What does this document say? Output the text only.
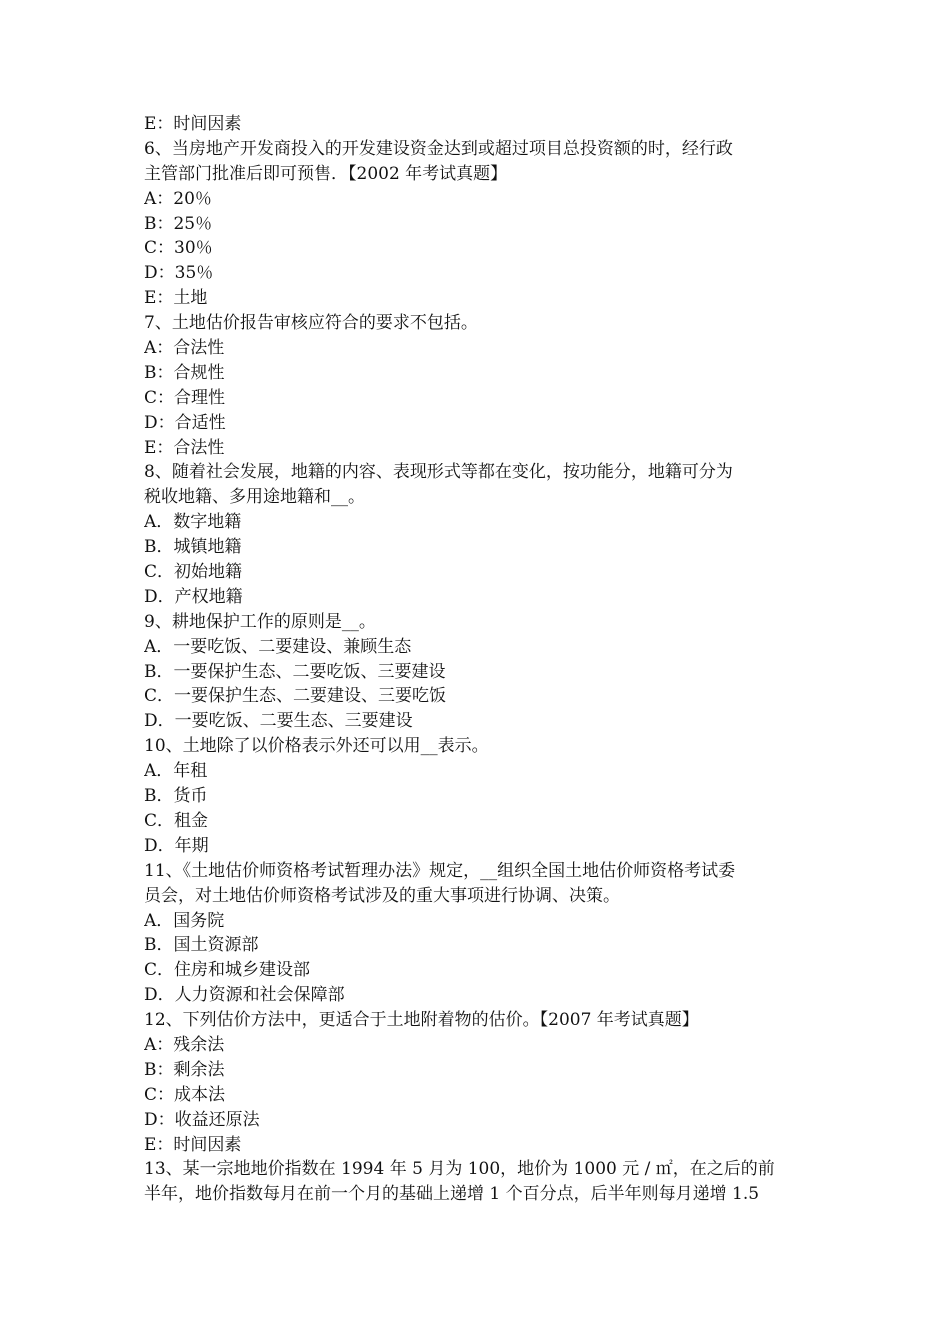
E：时间因素
6、当房地产开发商投入的开发建设资金达到或超过项目总投资额的时，经行政
主管部门批准后即可预售．【2002 年考试真题】
A：20％
B：25％
C：30％
D：35％
E：土地
7、土地估价报告审核应符合的要求不包括。
A：合法性
B：合规性
C：合理性
D：合适性
E：合法性
8、随着社会发展，地籍的内容、表现形式等都在变化，按功能分，地籍可分为
税收地籍、多用途地籍和__。
A．数字地籍
B．城镇地籍
C．初始地籍
D．产权地籍
9、耕地保护工作的原则是__。
A．一要吃饭、二要建设、兼顾生态
B．一要保护生态、二要吃饭、三要建设
C．一要保护生态、二要建设、三要吃饭
D．一要吃饭、二要生态、三要建设
10、土地除了以价格表示外还可以用__表示。
A．年租
B．货币
C．租金
D．年期
11、《土地估价师资格考试暂理办法》规定，__组织全国土地估价师资格考试委
员会，对土地估价师资格考试涉及的重大事项进行协调、决策。
A．国务院
B．国土资源部
C．住房和城乡建设部
D．人力资源和社会保障部
12、下列估价方法中，更适合于土地附着物的估价。【2007 年考试真题】
A：残余法
B：剩余法
C：成本法
D：收益还原法
E：时间因素
13、某一宗地地价指数在 1994 年 5 月为 100，地价为 1000 元 / ㎡，在之后的前
半年，地价指数每月在前一个月的基础上递增 1 个百分点，后半年则每月递增 1.5
